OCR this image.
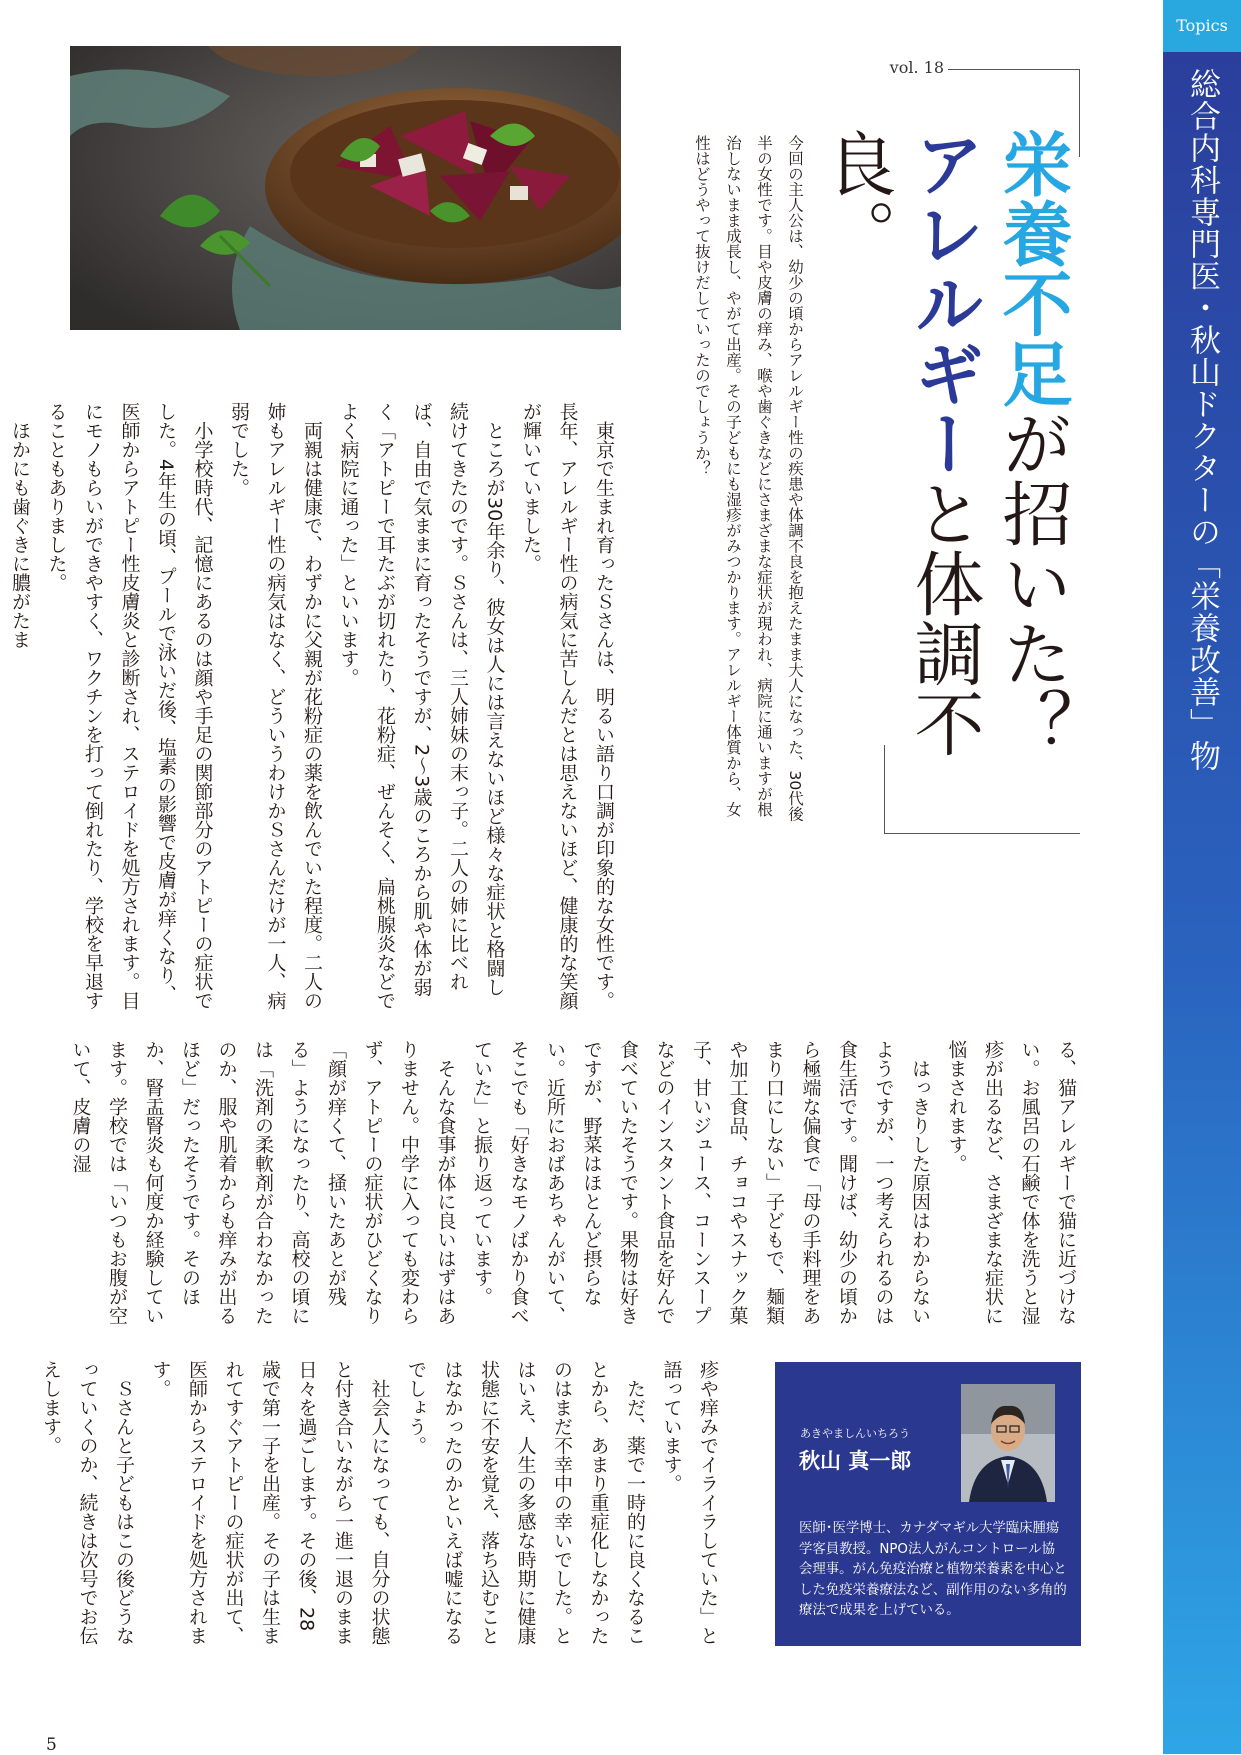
Topics
総合内科専門医・秋山ドクターの「栄養改善」物語
vol. 18
栄養不足が招いた？
アレルギーと体調不良。
今回の主人公は、幼少の頃からアレルギー性の疾患や体調不良を抱えたまま大人になった、30代後半の女性です。目や皮膚の痒み、喉や歯ぐきなどにさまざまな症状が現われ、病院に通いますが根治しないまま成長し、やがて出産。その子どもにも湿疹がみつかります。アレルギー体質から、女性はどうやって抜けだしていったのでしょうか？

東京で生まれ育ったＳさんは、明るい語り口調が印象的な女性です。長年、アレルギー性の病気に苦しんだとは思えないほど、健康的な笑顔が輝いていました。

ところが30年余り、彼女は人には言えないほど様々な症状と格闘し続けてきたのです。Ｓさんは、三人姉妹の末っ子。二人の姉に比べれば、自由で気ままに育ったそうですが、2～3歳のころから肌や体が弱く「アトピーで耳たぶが切れたり、花粉症、ぜんそく、扁桃腺炎などでよく病院に通った」といいます。

両親は健康で、わずかに父親が花粉症の薬を飲んでいた程度。二人の姉もアレルギー性の病気はなく、どういうわけかＳさんだけが一人、病弱でした。

小学校時代、記憶にあるのは顔や手足の関節部分のアトピーの症状でした。4年生の頃、プールで泳いだ後、塩素の影響で皮膚が痒くなり、医師からアトピー性皮膚炎と診断され、ステロイドを処方されます。目にモノもらいができやすく、ワクチンを打って倒れたり、学校を早退することもありました。

ほかにも歯ぐきに膿がたま

る、猫アレルギーで猫に近づけない。お風呂の石鹸で体を洗うと湿疹が出るなど、さまざまな症状に悩まされます。

はっきりした原因はわからないようですが、一つ考えられるのは食生活です。聞けば、幼少の頃から極端な偏食で「母の手料理をあまり口にしない」子どもで、麺類や加工食品、チョコやスナック菓子、甘いジュース、コーンスープなどのインスタント食品を好んで食べていたそうです。果物は好きですが、野菜はほとんど摂らない。近所におばあちゃんがいて、そこでも「好きなモノばかり食べていた」と振り返っています。

そんな食事が体に良いはずはありません。中学に入っても変わらず、アトピーの症状がひどくなり「顔が痒くて、掻いたあとが残る」ようになったり、高校の頃には「洗剤の柔軟剤が合わなかったのか、服や肌着からも痒みが出るほど」だったそうです。そのほか、腎盂腎炎も何度か経験しています。学校では「いつもお腹が空いて、皮膚の湿

疹や痒みでイライラしていた」と語っています。

ただ、薬で一時的に良くなることから、あまり重症化しなかったのはまだ不幸中の幸いでした。とはいえ、人生の多感な時期に健康状態に不安を覚え、落ち込むことはなかったのかといえば嘘になるでしょう。

社会人になっても、自分の状態と付き合いながら一進一退のまま日々を過ごします。その後、28歳で第一子を出産。その子は生まれてすぐアトピーの症状が出て、医師からステロイドを処方されます。

Ｓさんと子どもはこの後どうなっていくのか、続きは次号でお伝えします。	あきやましんいちろう
秋山 真一郎
医師･医学博士、カナダマギル大学臨床腫瘍学客員教授。NPO法人がんコントロール協会理事。がん免疫治療と植物栄養素を中心とした免疫栄養療法など、副作用のない多角的療法で成果を上げている。
5
